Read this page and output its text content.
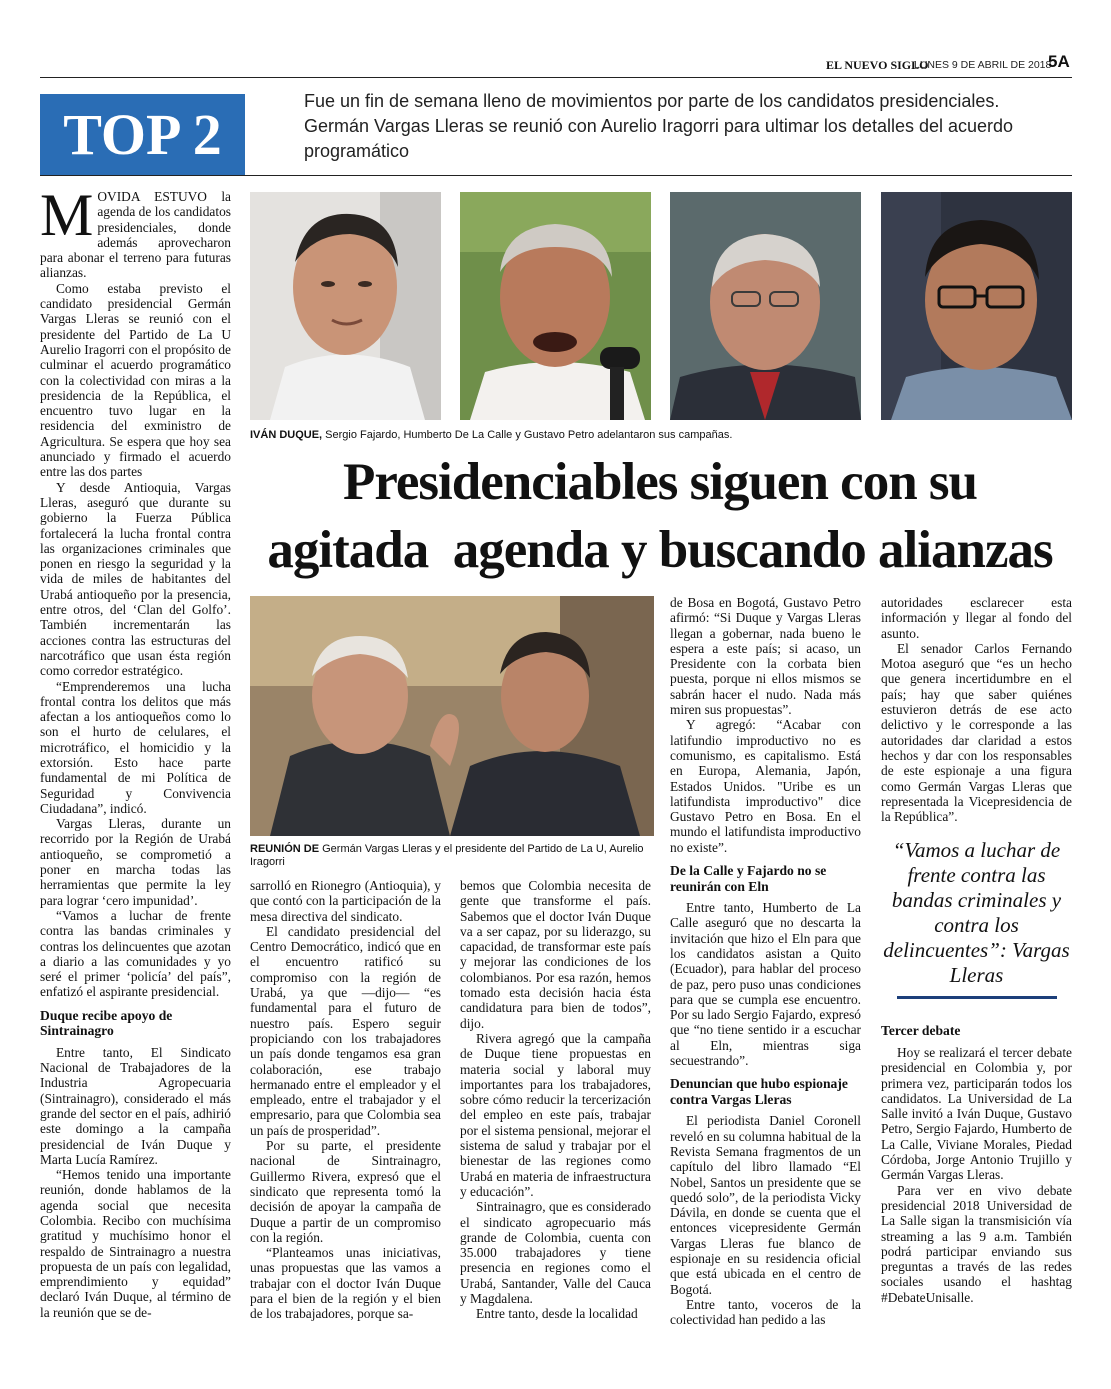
EL NUEVO SIGLO
LUNES 9 DE ABRIL DE 2018
5A
TOP 2
Fue un fin de semana lleno de movimientos por parte de los candidatos presidenciales. Germán Vargas Lleras se reunió con Aurelio Iragorri para ultimar los detalles del acuerdo programático
IVÁN DUQUE, Sergio Fajardo, Humberto De La Calle y Gustavo Petro adelantaron sus campañas.
Presidenciables siguen con su
agitada  agenda y buscando alianzas
REUNIÓN DE Germán Vargas Lleras y el presidente del Partido de La U, Aurelio Iragorri

MOVIDA ESTUVO la agenda de los candidatos presidenciales, donde además aprovecharon para abonar el terreno para futuras alianzas.

Como estaba previsto el candidato presidencial Germán Vargas Lleras se reunió con el presidente del Partido de La U Aurelio Iragorri con el propósito de culminar el acuerdo programático con la colectividad con miras a la presidencia de la República, el encuentro tuvo lugar en la residencia del exministro de Agricultura. Se espera que hoy sea anunciado y firmado el acuerdo entre las dos partes

Y desde Antioquia, Vargas Lleras, aseguró que durante su gobierno la Fuerza Pública fortalecerá la lucha frontal contra las organizaciones criminales que ponen en riesgo la seguridad y la vida de miles de habitantes del Urabá antioqueño por la presencia, entre otros, del ‘Clan del Golfo’. También incrementarán las acciones contra las estructuras del narcotráfico que usan ésta región como corredor estratégico.

“Emprenderemos una lucha frontal contra los delitos que más afectan a los antioqueños como lo son el hurto de celulares, el microtráfico, el homicidio y la extorsión. Esto hace parte fundamental de mi Política de Seguridad y Convivencia Ciudadana”, indicó.

Vargas Lleras, durante un recorrido por la Región de Urabá antioqueño, se comprometió a poner en marcha todas las herramientas que permite la ley para lograr ‘cero impunidad’.

“Vamos a luchar de frente contra las bandas criminales y contras los delincuentes que azotan a diario a las comunidades y yo seré el primer ‘policía’ del país”, enfatizó el aspirante presidencial.

Duque recibe apoyo de Sintrainagro

Entre tanto, El Sindicato Nacional de Trabajadores de la Industria Agropecuaria (Sintrainagro), considerado el más grande del sector en el país, adhirió este domingo a la campaña presidencial de Iván Duque y Marta Lucía Ramírez.

“Hemos tenido una importante reunión, donde hablamos de la agenda social que necesita Colombia. Recibo con muchísima gratitud y muchísimo honor el respaldo de Sintrainagro a nuestra propuesta de un país con legalidad, emprendimiento y equidad” declaró Iván Duque, al término de la reunión que se de-

sarrolló en Rionegro (Antioquia), y que contó con la participación de la mesa directiva del sindicato.

El candidato presidencial del Centro Democrático, indicó que en el encuentro ratificó su compromiso con la región de Urabá, ya que —dijo— “es fundamental para el futuro de nuestro país. Espero seguir propiciando con los trabajadores un país donde tengamos esa gran colaboración, ese trabajo hermanado entre el empleador y el empleado, entre el trabajador y el empresario, para que Colombia sea un país de prosperidad”.

Por su parte, el presidente nacional de Sintrainagro, Guillermo Rivera, expresó que el sindicato que representa tomó la decisión de apoyar la campaña de Duque a partir de un compromiso con la región.

“Planteamos unas iniciativas, unas propuestas que las vamos a trabajar con el doctor Iván Duque para el bien de la región y el bien de los trabajadores, porque sa-

bemos que Colombia necesita de gente que transforme el país. Sabemos que el doctor Iván Duque va a ser capaz, por su liderazgo, su capacidad, de transformar este país y mejorar las condiciones de los colombianos. Por esa razón, hemos tomado esta decisión hacia ésta candidatura para bien de todos”, dijo.

Rivera agregó que la campaña de Duque tiene propuestas en materia social y laboral muy importantes para los trabajadores, sobre cómo reducir la tercerización del empleo en este país, trabajar por el sistema pensional, mejorar el sistema de salud y trabajar por el bienestar de las regiones como Urabá en materia de infraestructura y educación”.

Sintrainagro, que es considerado el sindicato agropecuario más grande de Colombia, cuenta con 35.000 trabajadores y tiene presencia en regiones como el Urabá, Santander, Valle del Cauca y Magdalena.

Entre tanto, desde la localidad

de Bosa en Bogotá, Gustavo Petro afirmó: “Si Duque y Vargas Lleras llegan a gobernar, nada bueno le espera a este país; si acaso, un Presidente con la corbata bien puesta, porque ni ellos mismos se sabrán hacer el nudo. Nada más miren sus propuestas”.

Y agregó: “Acabar con latifundio improductivo no es comunismo, es capitalismo. Está en Europa, Alemania, Japón, Estados Unidos. "Uribe es un latifundista improductivo" dice Gustavo Petro en Bosa. En el mundo el latifundista improductivo no existe”.

De la Calle y Fajardo no se reunirán con Eln

Entre tanto, Humberto de La Calle aseguró que no descarta la invitación que hizo el Eln para que los candidatos asistan a Quito (Ecuador), para hablar del proceso de paz, pero puso unas condiciones para que se cumpla ese encuentro. Por su lado Sergio Fajardo, expresó que “no tiene sentido ir a escuchar al Eln, mientras siga secuestrando”.

Denuncian que hubo espionaje contra Vargas Lleras

El periodista Daniel Coronell reveló en su columna habitual de la Revista Semana fragmentos de un capítulo del libro llamado “El Nobel, Santos un presidente que se quedó solo”, de la periodista Vicky Dávila, en donde se cuenta que el entonces vicepresidente Germán Vargas Lleras fue blanco de espionaje en su residencia oficial que está ubicada en el centro de Bogotá.

Entre tanto, voceros de la colectividad han pedido a las

autoridades esclarecer esta información y llegar al fondo del asunto.

El senador Carlos Fernando Motoa aseguró que “es un hecho que genera incertidumbre en el país; hay que saber quiénes estuvieron detrás de ese acto delictivo y le corresponde a las autoridades dar claridad a estos hechos y dar con los responsables de este espionaje a una figura como Germán Vargas Lleras que representada la Vicepresidencia de la República”.

“Vamos a luchar de frente contra las bandas criminales y contra los delincuentes”: Vargas Lleras
Tercer debate

Hoy se realizará el tercer debate presidencial en Colombia y, por primera vez, participarán todos los candidatos. La Universidad de La Salle invitó a Iván Duque, Gustavo Petro, Sergio Fajardo, Humberto de La Calle, Viviane Morales, Piedad Córdoba, Jorge Antonio Trujillo y Germán Vargas Lleras.

Para ver en vivo debate presidencial 2018 Universidad de La Salle sigan la transmisición vía streaming a las 9 a.m. También podrá participar enviando sus preguntas a través de las redes sociales usando el hashtag #DebateUnisalle.
